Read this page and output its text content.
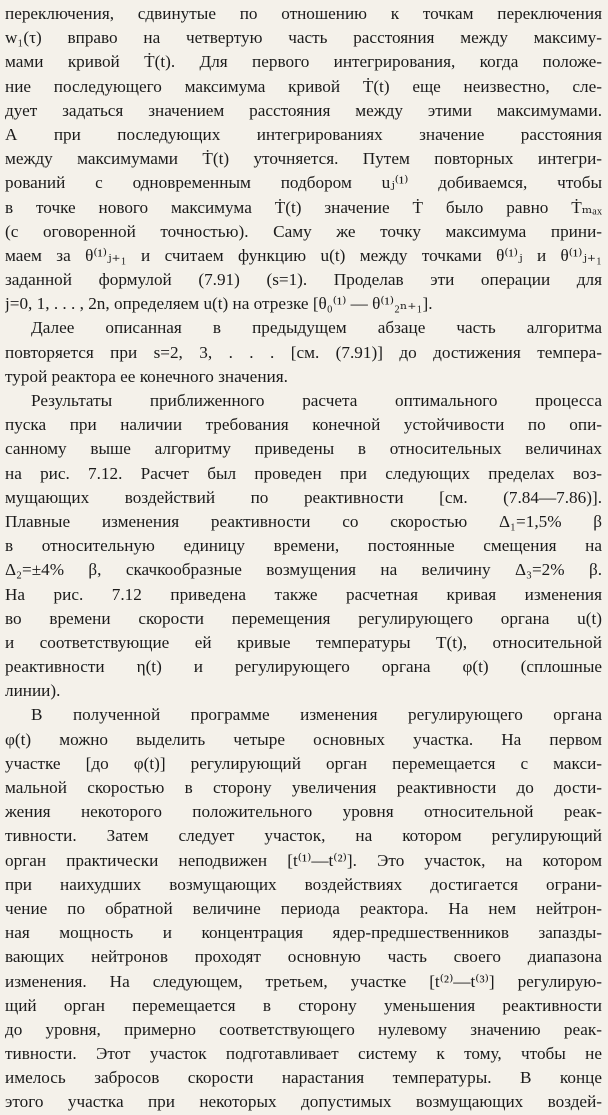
переключения, сдвинутые по отношению к точкам переключения
w₁(τ) вправо на четвертую часть расстояния между максиму-
мами кривой Ṫ(t). Для первого интегрирования, когда положе-
ние последующего максимума кривой Ṫ(t) еще неизвестно, сле-
дует задаться значением расстояния между этими максимумами.
А при последующих интегрированиях значение расстояния
между максимумами Ṫ(t) уточняется. Путем повторных интегри-
рований с одновременным подбором uⱼ⁽¹⁾ добиваемся, чтобы
в точке нового максимума Ṫ(t) значение Ṫ было равно Ṫₘₐₓ
(с оговоренной точностью). Саму же точку максимума прини-
маем за θ⁽¹⁾ⱼ₊₁ и считаем функцию u(t) между точками θ⁽¹⁾ⱼ и θ⁽¹⁾ⱼ₊₁
заданной формулой (7.91) (s=1). Проделав эти операции для
j=0, 1, . . . , 2n, определяем u(t) на отрезке [θ₀⁽¹⁾ — θ⁽¹⁾₂ₙ₊₁].

Далее описанная в предыдущем абзаце часть алгоритма
повторяется при s=2, 3, . . . [см. (7.91)] до достижения темпера-
турой реактора ее конечного значения.

Результаты приближенного расчета оптимального процесса
пуска при наличии требования конечной устойчивости по опи-
санному выше алгоритму приведены в относительных величинах
на рис. 7.12. Расчет был проведен при следующих пределах воз-
мущающих воздействий по реактивности [см. (7.84—7.86)].
Плавные изменения реактивности со скоростью Δ₁=1,5% β
в относительную единицу времени, постоянные смещения на
Δ₂=±4% β, скачкообразные возмущения на величину Δ₃=2% β.
На рис. 7.12 приведена также расчетная кривая изменения
во времени скорости перемещения регулирующего органа u(t)
и соответствующие ей кривые температуры T(t), относительной
реактивности η(t) и регулирующего органа φ(t) (сплошные
линии).

В полученной программе изменения регулирующего органа
φ(t) можно выделить четыре основных участка. На первом
участке [до φ(t)] регулирующий орган перемещается с макси-
мальной скоростью в сторону увеличения реактивности до дости-
жения некоторого положительного уровня относительной реак-
тивности. Затем следует участок, на котором регулирующий
орган практически неподвижен [t⁽¹⁾—t⁽²⁾]. Это участок, на котором
при наихудших возмущающих воздействиях достигается ограни-
чение по обратной величине периода реактора. На нем нейтрон-
ная мощность и концентрация ядер-предшественников запазды-
вающих нейтронов проходят основную часть своего диапазона
изменения. На следующем, третьем, участке [t⁽²⁾—t⁽³⁾] регулирую-
щий орган перемещается в сторону уменьшения реактивности
до уровня, примерно соответствующего нулевому значению реак-
тивности. Этот участок подготавливает систему к тому, чтобы не
имелось забросов скорости нарастания температуры. В конце
этого участка при некоторых допустимых возмущающих воздей-
